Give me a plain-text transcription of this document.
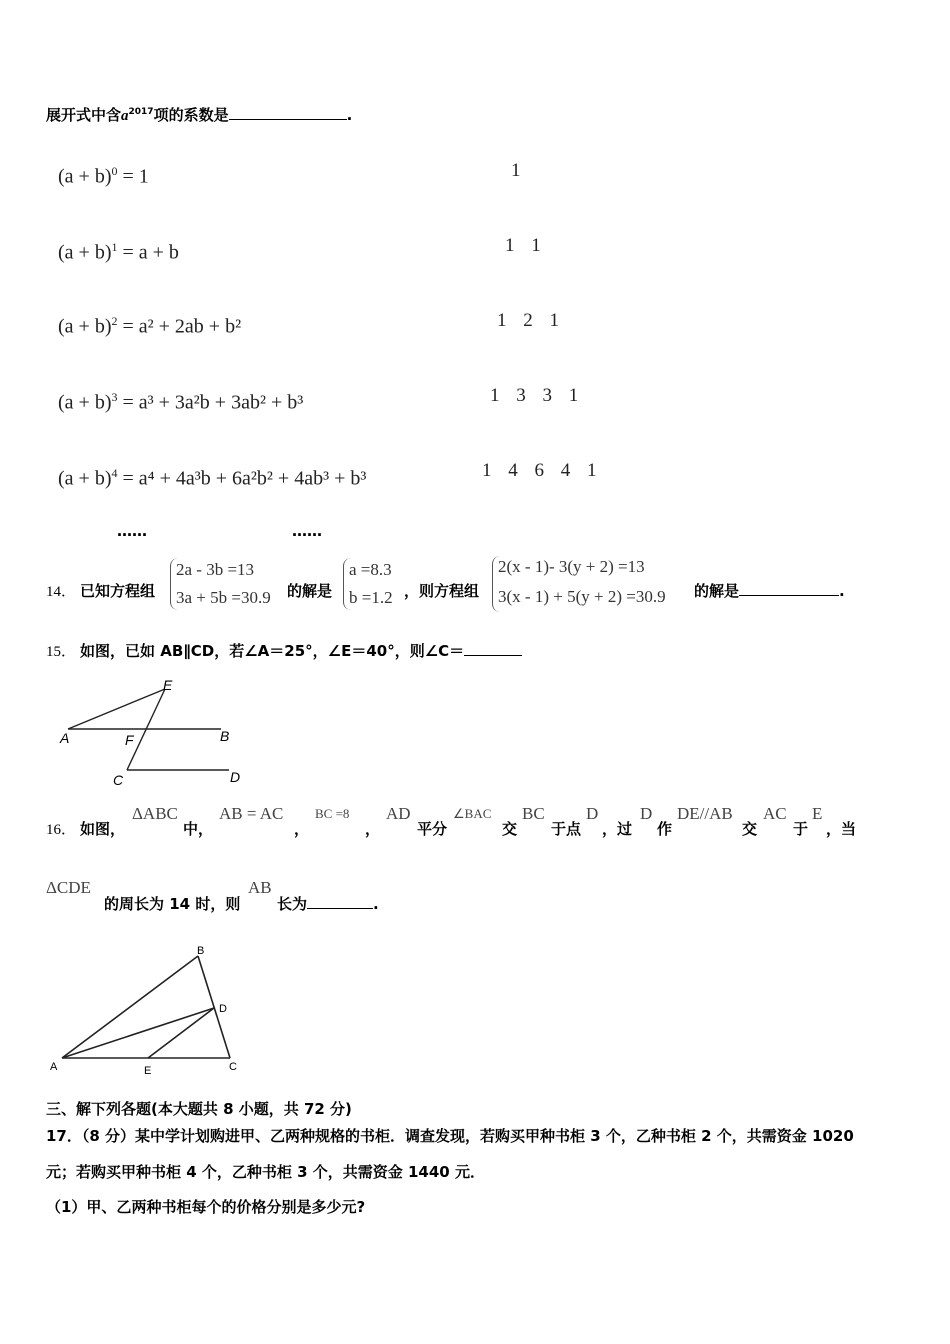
展开式中含$a^{2017}$项的系数是	.
$(a + b)^0 = 1$	1
$(a + b)^1 = a + b$	1 1
$(a + b)^2 = a^2 + 2ab + b^2$	1 2 1
$(a + b)^3 = a^3 + 3a^2b + 3ab^2 + b^3$	1 3 3 1
$(a + b)^4 = a^4 + 4a^3b + 6a^2b^2 + 4ab^3 + b^3$	1 4 6 4 1
……	……
14． 已知方程组
2a - 3b =13
3a + 5b =30.9 的解是
a =8.3
b =1.2 ，则方程组
2(x - 1)- 3(y + 2) =13
3(x - 1) + 5(y + 2) =30.9 的解是	.
15． 如图，已如 AB∥CD，若∠A＝25°，∠E＝40°，则∠C＝
E
A	F	B
C	D
16． 如图，
ΔABC
中，
AB = AC
，
BC =8
，
AD
平分
∠BAC
交
BC
于点
D
，过
D
作
DE//AB
交
AC
于
E
，当
ΔCDE
的周长为 14 时，则
AB
长为	.
B
D
A	E	C
三、解下列各题(本大题共 8 小题，共 72 分)
17．（8 分）某中学计划购进甲、乙两种规格的书柜．调查发现，若购买甲种书柜 3 个，乙种书柜 2 个，共需资金 1020
元；若购买甲种书柜 4 个，乙种书柜 3 个，共需资金 1440 元．
（1）甲、乙两种书柜每个的价格分别是多少元?
